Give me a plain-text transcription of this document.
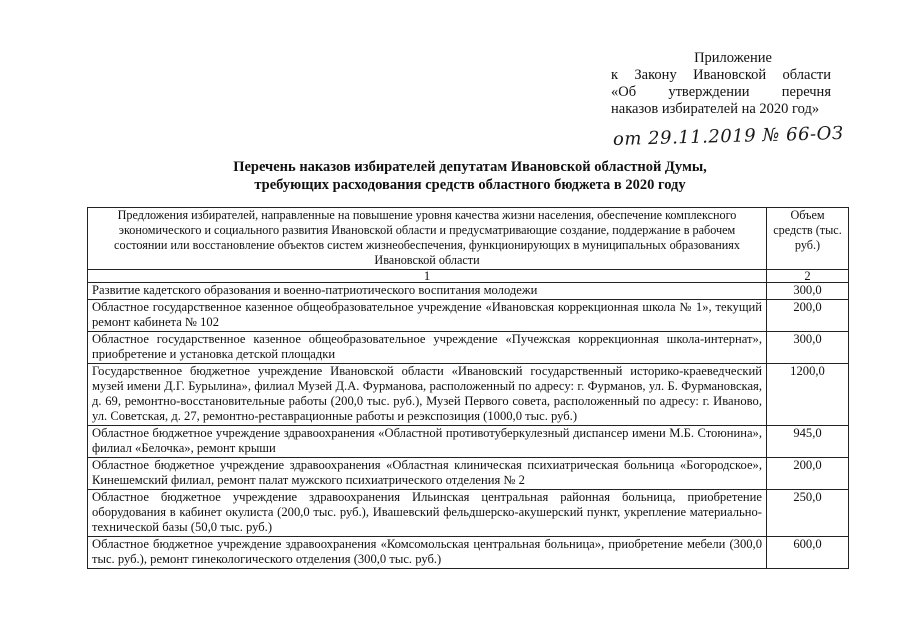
Приложение
к Закону Ивановской области
«Об утверждении перечня
наказов избирателей на 2020 год»
от 29.11.2019 № 66-ОЗ
Перечень наказов избирателей депутатам Ивановской областной Думы,
требующих расходования средств областного бюджета в 2020 году
Предложения избирателей, направленные на повышение уровня качества жизни населения, обеспечение комплексного экономического и социального развития Ивановской области и предусматривающие создание, поддержание в рабочем состоянии или восстановление объектов систем жизнеобеспечения, функционирующих в муниципальных образованиях Ивановской области	Объем средств (тыс. руб.)
1	2
Развитие кадетского образования и военно-патриотического воспитания молодежи	300,0
Областное государственное казенное общеобразовательное учреждение «Ивановская коррекционная школа № 1», текущий ремонт кабинета № 102	200,0
Областное государственное казенное общеобразовательное учреждение «Пучежская коррекционная школа-интернат», приобретение и установка детской площадки	300,0
Государственное бюджетное учреждение Ивановской области «Ивановский государственный историко-краеведческий музей имени Д.Г. Бурылина», филиал Музей Д.А. Фурманова, расположенный по адресу: г. Фурманов, ул. Б. Фурмановская, д. 69, ремонтно-восстановительные работы (200,0 тыс. руб.), Музей Первого совета, расположенный по адресу: г. Иваново, ул. Советская, д. 27, ремонтно-реставрационные работы и реэкспозиция (1000,0 тыс. руб.)	1200,0
Областное бюджетное учреждение здравоохранения «Областной противотуберкулезный диспансер имени М.Б. Стоюнина», филиал «Белочка», ремонт крыши	945,0
Областное бюджетное учреждение здравоохранения «Областная клиническая психиатрическая больница «Богородское», Кинешемский филиал, ремонт палат мужского психиатрического отделения № 2	200,0
Областное бюджетное учреждение здравоохранения Ильинская центральная районная больница, приобретение оборудования в кабинет окулиста (200,0 тыс. руб.), Ивашевский фельдшерско-акушерский пункт, укрепление материально-технической базы (50,0 тыс. руб.)	250,0
Областное бюджетное учреждение здравоохранения «Комсомольская центральная больница», приобретение мебели (300,0 тыс. руб.), ремонт гинекологического отделения (300,0 тыс. руб.)	600,0
